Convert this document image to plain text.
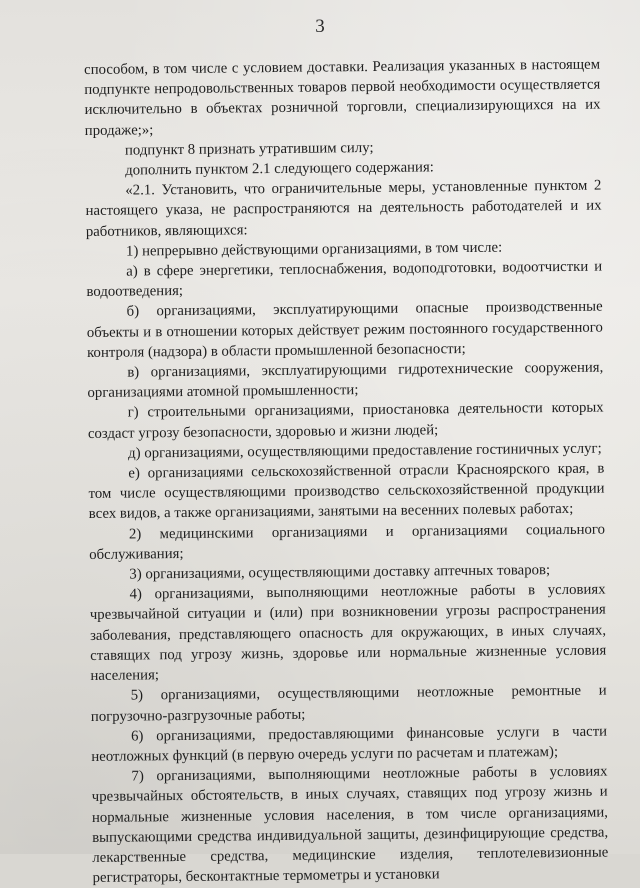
3

способом, в том числе с условием доставки. Реализация указанных в настоящем подпункте непродовольственных товаров первой необходимости осуществляется исключительно в объектах розничной торговли, специализирующихся на их продаже;»;

подпункт 8 признать утратившим силу;

дополнить пунктом 2.1 следующего содержания:

«2.1. Установить, что ограничительные меры, установленные пунктом 2 настоящего указа, не распространяются на деятельность работодателей и их работников, являющихся:

1) непрерывно действующими организациями, в том числе:

а) в сфере энергетики, теплоснабжения, водоподготовки, водоотчистки и водоотведения;

б) организациями, эксплуатирующими опасные производственные объекты и в отношении которых действует режим постоянного государственного контроля (надзора) в области промышленной безопасности;

в) организациями, эксплуатирующими гидротехнические сооружения, организациями атомной промышленности;

г) строительными организациями, приостановка деятельности которых создаст угрозу безопасности, здоровью и жизни людей;

д) организациями, осуществляющими предоставление гостиничных услуг;

е) организациями сельскохозяйственной отрасли Красноярского края, в том числе осуществляющими производство сельскохозяйственной продукции всех видов, а также организациями, занятыми на весенних полевых работах;

2) медицинскими организациями и организациями социального обслуживания;

3) организациями, осуществляющими доставку аптечных товаров;

4) организациями, выполняющими неотложные работы в условиях чрезвычайной ситуации и (или) при возникновении угрозы распространения заболевания, представляющего опасность для окружающих, в иных случаях, ставящих под угрозу жизнь, здоровье или нормальные жизненные условия населения;

5) организациями, осуществляющими неотложные ремонтные и погрузочно-разгрузочные работы;

6) организациями, предоставляющими финансовые услуги в части неотложных функций (в первую очередь услуги по расчетам и платежам);

7) организациями, выполняющими неотложные работы в условиях чрезвычайных обстоятельств, в иных случаях, ставящих под угрозу жизнь и нормальные жизненные условия населения, в том числе организациями, выпускающими средства индивидуальной защиты, дезинфицирующие средства, лекарственные средства, медицинские изделия, теплотелевизионные регистраторы, бесконтактные термометры и установки
